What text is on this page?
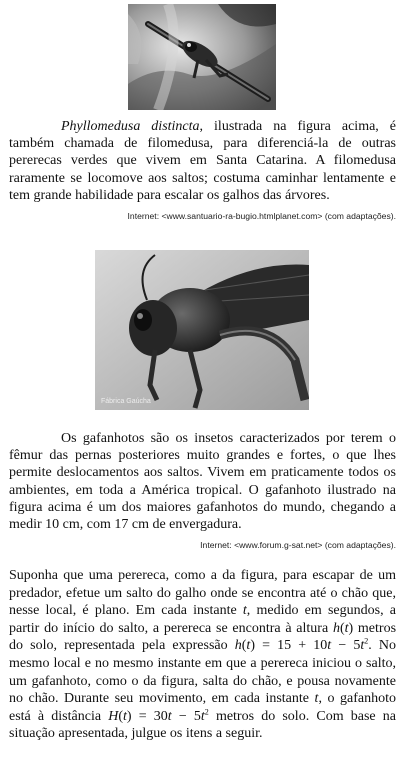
Phyllomedusa distincta, ilustrada na figura acima, é também chamada de filomedusa, para diferenciá-la de outras pererecas verdes que vivem em Santa Catarina. A filomedusa raramente se locomove aos saltos; costuma caminhar lentamente e tem grande habilidade para escalar os galhos das árvores.
Internet: <www.santuario-ra-bugio.htmlplanet.com> (com adaptações).
Fábrica Gaúcha
Os gafanhotos são os insetos caracterizados por terem o fêmur das pernas posteriores muito grandes e fortes, o que lhes permite deslocamentos aos saltos. Vivem em praticamente todos os ambientes, em toda a América tropical. O gafanhoto ilustrado na figura acima é um dos maiores gafanhotos do mundo, chegando a medir 10 cm, com 17 cm de envergadura.
Internet: <www.forum.g-sat.net> (com adaptações).
Suponha que uma perereca, como a da figura, para escapar de um predador, efetue um salto do galho onde se encontra até o chão que, nesse local, é plano. Em cada instante t, medido em segundos, a partir do início do salto, a perereca se encontra à altura h(t) metros do solo, representada pela expressão $h(t) = 15 + 10t - 5t^2$. No mesmo local e no mesmo instante em que a perereca iniciou o salto, um gafanhoto, como o da figura, salta do chão, e pousa novamente no chão. Durante seu movimento, em cada instante t, o gafanhoto está à distância $H(t) = 30t - 5t^2$ metros do solo. Com base na situação apresentada, julgue os itens a seguir.
